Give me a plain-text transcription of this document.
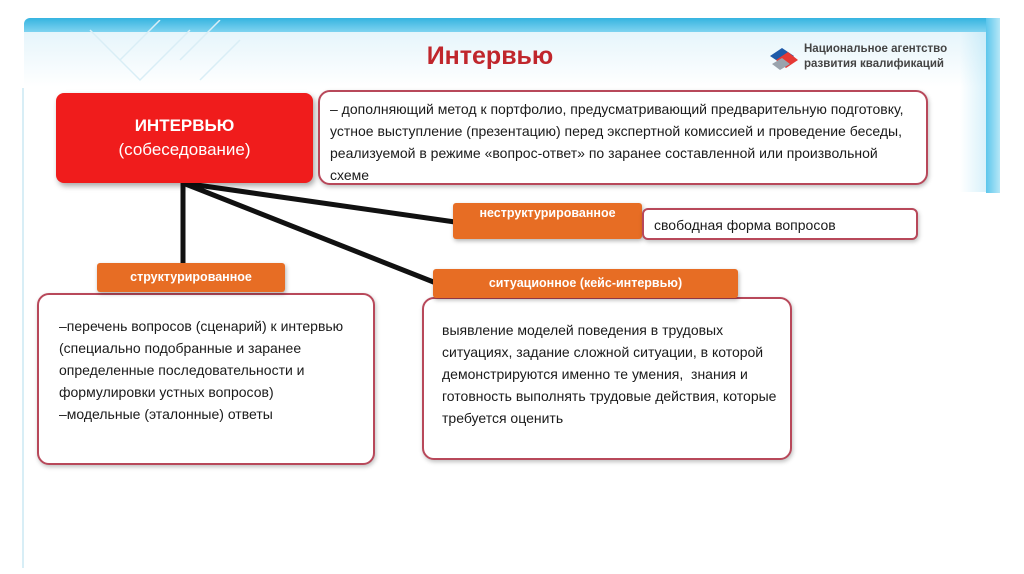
Интервью	Национальное агентство
развития квалификаций
ИНТЕРВЬЮ
(собеседование)
– дополняющий метод к портфолио, предусматривающий предварительную подготовку, устное выступление (презентацию) перед экспертной комиссией и проведение беседы, реализуемой в режиме «вопрос-ответ» по заранее составленной или произвольной схеме
неструктурированное
свободная форма вопросов
–перечень вопросов (сценарий) к интервью (специально подобранные и заранее определенные последовательности и формулировки устных вопросов)
–модельные (эталонные) ответы
структурированное
выявление моделей поведения в трудовых ситуациях, задание сложной ситуации, в которой демонстрируются именно те умения,  знания и готовность выполнять трудовые действия, которые требуется оценить
ситуационное (кейс-интервью)
